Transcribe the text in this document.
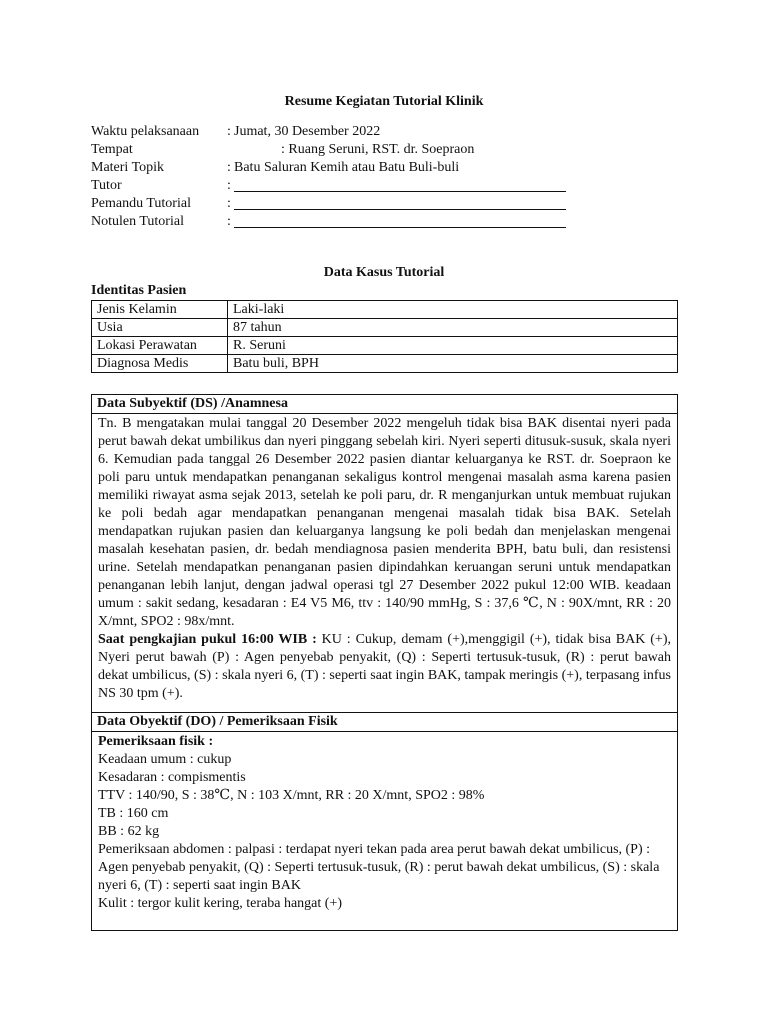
Resume Kegiatan Tutorial Klinik
Waktu pelaksanaan : Jumat, 30 Desember 2022
Tempat	: Ruang Seruni, RST. dr. Soepraon
Materi Topik	: Batu Saluran Kemih atau Batu Buli-buli
Tutor	:
Pemandu Tutorial	:
Notulen Tutorial	:
Data Kasus Tutorial
Identitas Pasien
Jenis Kelamin	Laki-laki
Usia	87 tahun
Lokasi Perawatan	R. Seruni
Diagnosa Medis	Batu buli, BPH
Data Subyektif (DS) /Anamnesa
Tn. B mengatakan mulai tanggal 20 Desember 2022 mengeluh tidak bisa BAK disentai nyeri pada perut bawah dekat umbilikus dan nyeri pinggang sebelah kiri. Nyeri seperti ditusuk-susuk, skala nyeri 6. Kemudian pada tanggal 26 Desember 2022 pasien diantar keluarganya ke RST. dr. Soepraon ke poli paru untuk mendapatkan penanganan sekaligus kontrol mengenai masalah asma karena pasien memiliki riwayat asma sejak 2013, setelah ke poli paru, dr. R menganjurkan untuk membuat rujukan ke poli bedah agar mendapatkan penanganan mengenai masalah tidak bisa BAK. Setelah mendapatkan rujukan pasien dan keluarganya langsung ke poli bedah dan menjelaskan mengenai masalah kesehatan pasien, dr. bedah mendiagnosa pasien menderita BPH, batu buli, dan resistensi urine. Setelah mendapatkan penanganan pasien dipindahkan keruangan seruni untuk mendapatkan penanganan lebih lanjut, dengan jadwal operasi tgl 27 Desember 2022 pukul 12:00 WIB. keadaan umum : sakit sedang, kesadaran : E4 V5 M6, ttv : 140/90 mmHg, S : 37,6 ℃, N : 90X/mnt, RR : 20 X/mnt, SPO2 : 98x/mnt.
Saat pengkajian pukul 16:00 WIB : KU : Cukup, demam (+),menggigil (+), tidak bisa BAK (+), Nyeri perut bawah (P) : Agen penyebab penyakit, (Q) : Seperti tertusuk-tusuk, (R) : perut bawah dekat umbilicus, (S) : skala nyeri 6, (T) : seperti saat ingin BAK, tampak meringis (+), terpasang infus NS 30 tpm (+).
Data Obyektif (DO) / Pemeriksaan Fisik
Pemeriksaan fisik :
Keadaan umum : cukup
Kesadaran : compismentis
TTV : 140/90, S : 38℃, N : 103 X/mnt, RR : 20 X/mnt, SPO2 : 98%
TB : 160 cm
BB : 62 kg
Pemeriksaan abdomen : palpasi : terdapat nyeri tekan pada area perut bawah dekat umbilicus, (P) : Agen penyebab penyakit, (Q) : Seperti tertusuk-tusuk, (R) : perut bawah dekat umbilicus, (S) : skala nyeri 6, (T) : seperti saat ingin BAK
Kulit : tergor kulit kering, teraba hangat (+)
